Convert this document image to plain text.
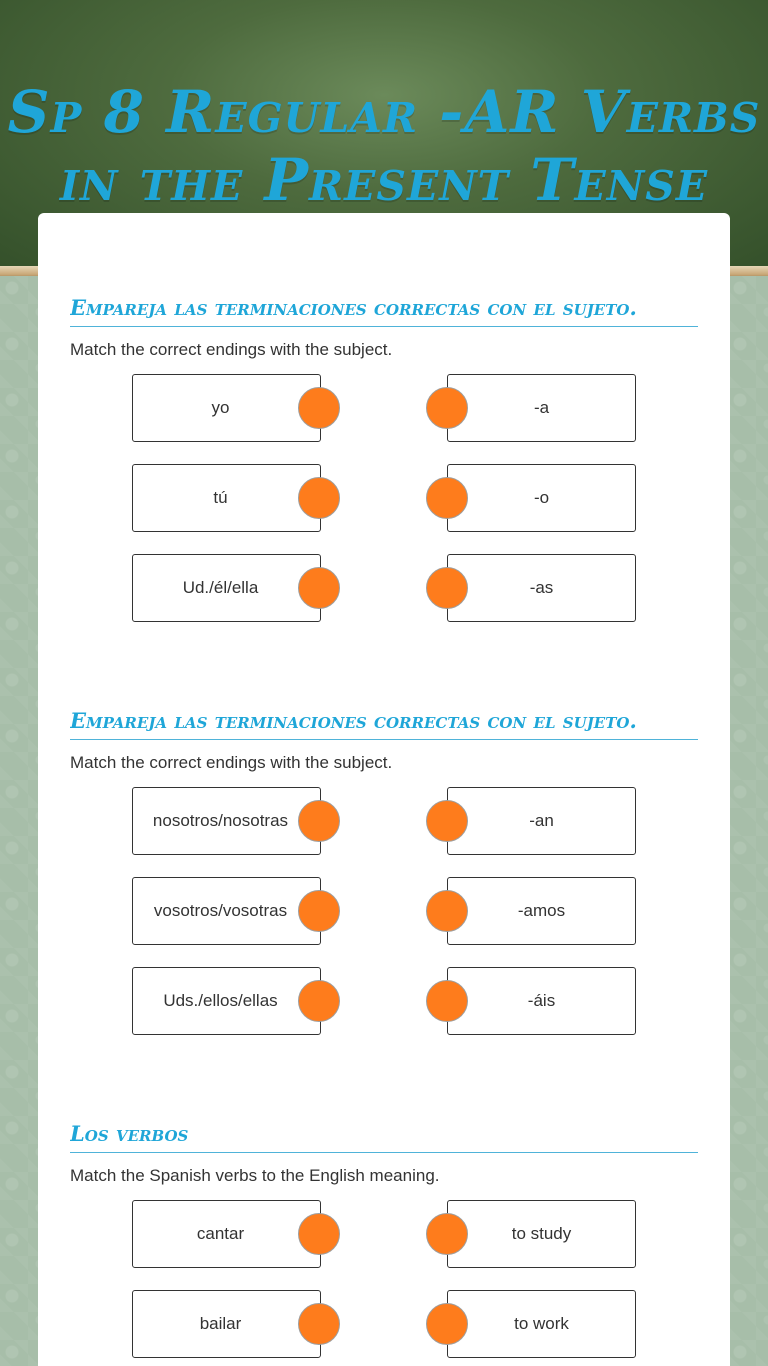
Sp 8 Regular -AR Verbs in the Present Tense
Empareja las terminaciones correctas con el sujeto.

Match the correct endings with the subject.

yo	-a
tú	-o
Ud./él/ella	-as
Empareja las terminaciones correctas con el sujeto.

Match the correct endings with the subject.

nosotros/nosotras	-an
vosotros/vosotras	-amos
Uds./ellos/ellas	-áis
Los verbos

Match the Spanish verbs to the English meaning.

cantar	to study
bailar	to work
